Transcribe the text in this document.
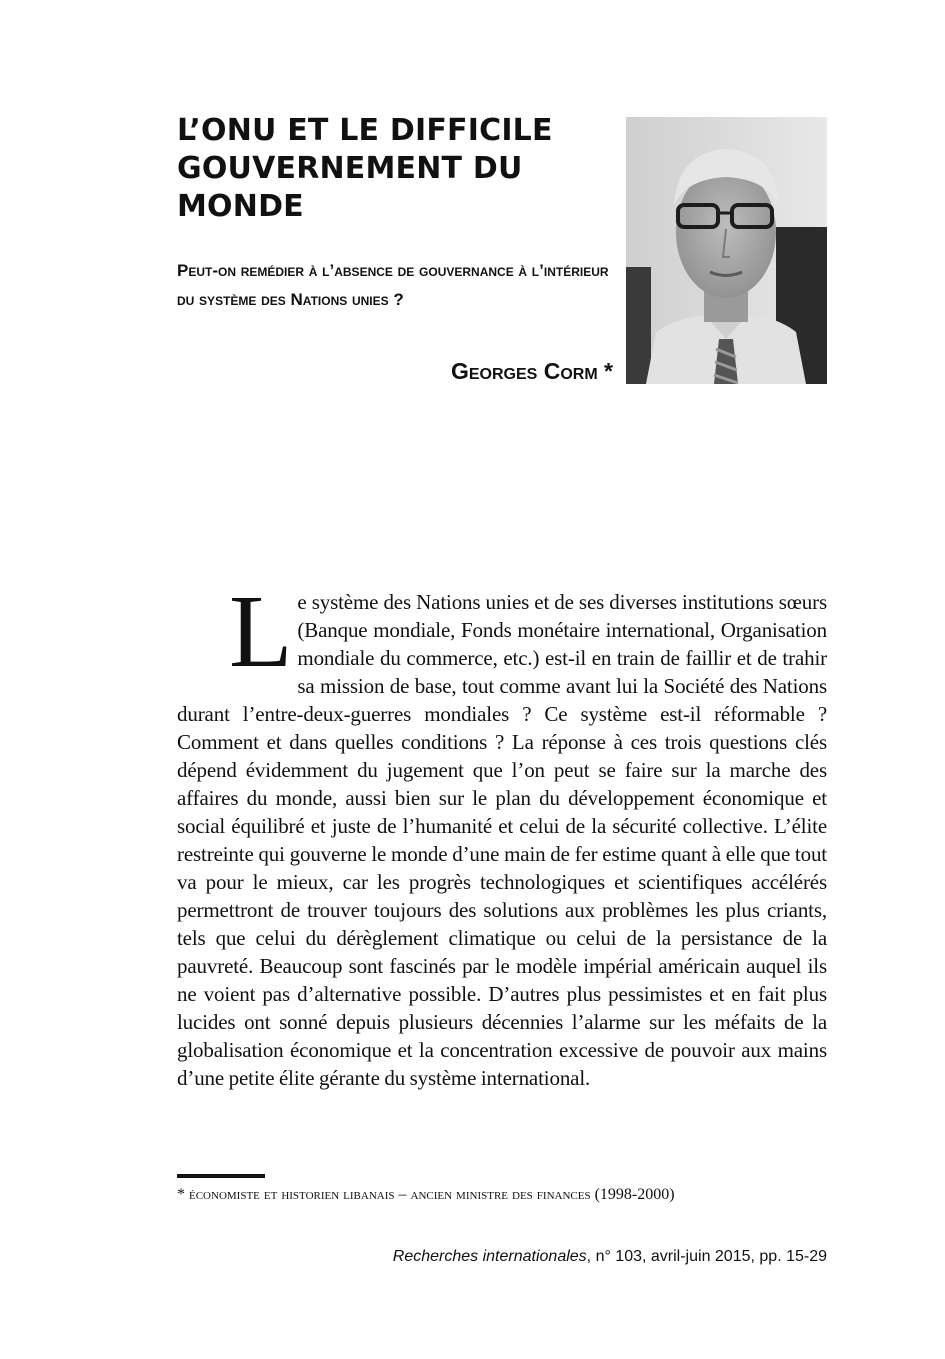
L’ONU ET LE DIFFICILE GOUVERNEMENT DU MONDE

Peut-on remédier à l’absence de gouvernance à l’intérieur du système des Nations unies ?

Georges Corm *

Le système des Nations unies et de ses diverses institutions sœurs (Banque mondiale, Fonds monétaire international, Organisation mondiale du commerce, etc.) est-il en train de faillir et de trahir sa mission de base, tout comme avant lui la Société des Nations durant l’entre-deux-guerres mondiales ? Ce système est-il réformable ? Comment et dans quelles conditions ? La réponse à ces trois questions clés dépend évidemment du jugement que l’on peut se faire sur la marche des affaires du monde, aussi bien sur le plan du développement économique et social équilibré et juste de l’humanité et celui de la sécurité collective. L’élite restreinte qui gouverne le monde d’une main de fer estime quant à elle que tout va pour le mieux, car les progrès technologiques et scientifiques accélérés permettront de trouver toujours des solutions aux problèmes les plus criants, tels que celui du dérèglement climatique ou celui de la persistance de la pauvreté. Beaucoup sont fascinés par le modèle impérial américain auquel ils ne voient pas d’alternative possible. D’autres plus pessimistes et en fait plus lucides ont sonné depuis plusieurs décennies l’alarme sur les méfaits de la globalisation économique et la concentration excessive de pouvoir aux mains d’une petite élite gérante du système international.

* économiste et historien libanais – ancien ministre des finances (1998-2000)

Recherches internationales, n° 103, avril-juin 2015, pp. 15-29
